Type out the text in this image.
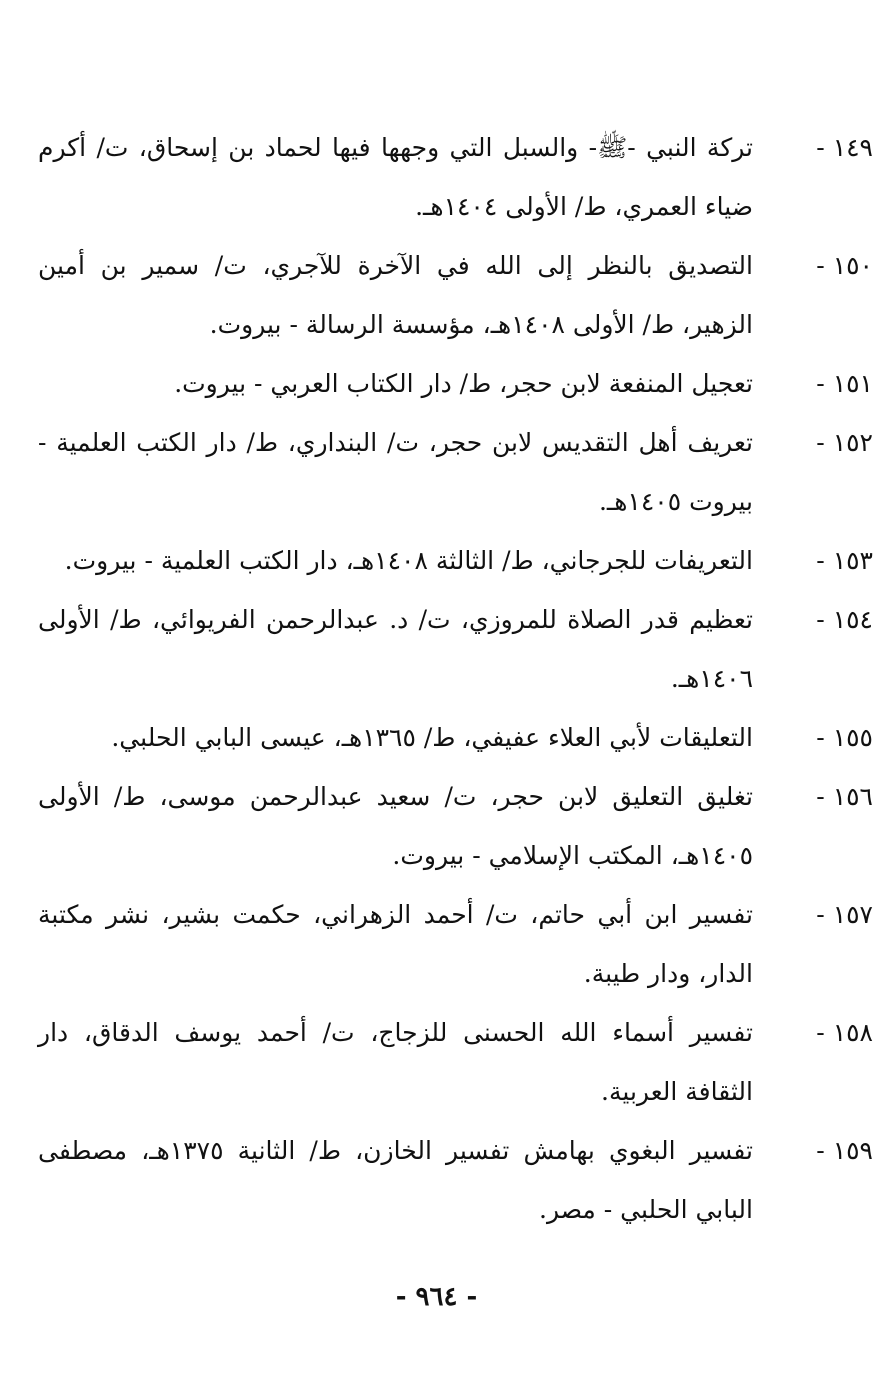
١٤٩ -
تركة النبي -ﷺ- والسبل التي وجهها فيها لحماد بن إسحاق، ت/ أكرم ضياء العمري، ط/ الأولى ١٤٠٤هـ.
١٥٠ -
التصديق بالنظر إلى الله في الآخرة للآجري، ت/ سمير بن أمين الزهير، ط/ الأولى ١٤٠٨هـ، مؤسسة الرسالة - بيروت.
١٥١ -
تعجيل المنفعة لابن حجر، ط/ دار الكتاب العربي - بيروت.
١٥٢ -
تعريف أهل التقديس لابن حجر، ت/ البنداري، ط/ دار الكتب العلمية - بيروت ١٤٠٥هـ.
١٥٣ -
التعريفات للجرجاني، ط/ الثالثة ١٤٠٨هـ، دار الكتب العلمية - بيروت.
١٥٤ -
تعظيم قدر الصلاة للمروزي، ت/ د. عبدالرحمن الفريوائي، ط/ الأولى ١٤٠٦هـ.
١٥٥ -
التعليقات لأبي العلاء عفيفي، ط/ ١٣٦٥هـ، عيسى البابي الحلبي.
١٥٦ -
تغليق التعليق لابن حجر، ت/ سعيد عبدالرحمن موسى، ط/ الأولى ١٤٠٥هـ، المكتب الإسلامي - بيروت.
١٥٧ -
تفسير ابن أبي حاتم، ت/ أحمد الزهراني، حكمت بشير، نشر مكتبة الدار، ودار طيبة.
١٥٨ -
تفسير أسماء الله الحسنى للزجاج، ت/ أحمد يوسف الدقاق، دار الثقافة العربية.
١٥٩ -
تفسير البغوي بهامش تفسير الخازن، ط/ الثانية ١٣٧٥هـ، مصطفى البابي الحلبي - مصر.
- ٩٦٤ -
